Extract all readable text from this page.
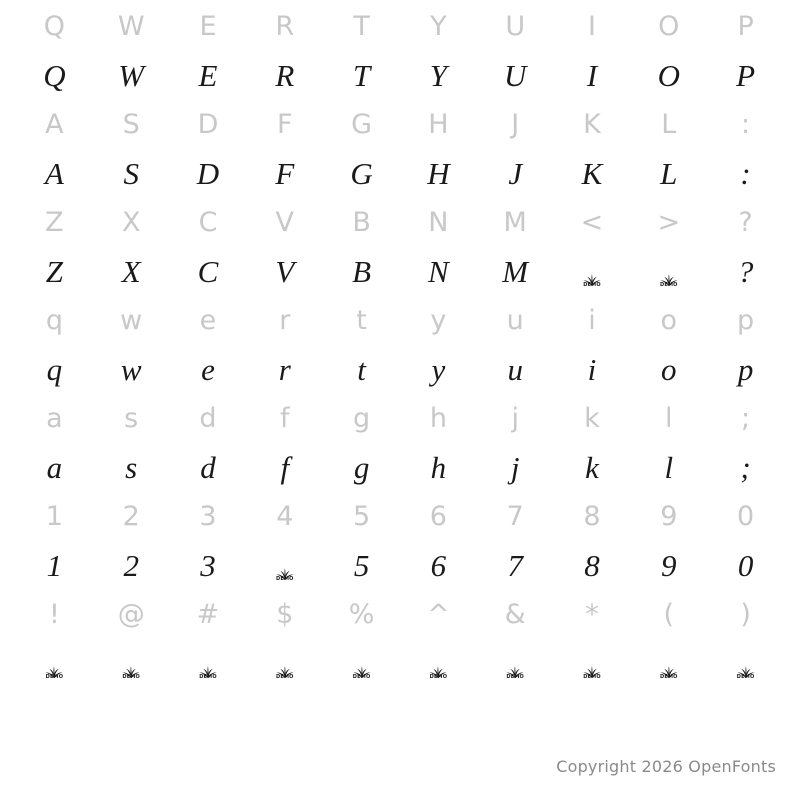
Q	W	E	R	T	Y	U	I	O	P
Q	W	E	R	T	Y	U	I	O	P
A	S	D	F	G	H	J	K	L	:
A	S	D	F	G	H	J	K	L	:
Z	X	C	V	B	N	M	<	>	?
Z	X	C	V	B	N	M	DEMO	DEMO	?
q	w	e	r	t	y	u	i	o	p
q	w	e	r	t	y	u	i	o	p
a	s	d	f	g	h	j	k	l	;
a	s	d	f	g	h	j	k	l	;
1	2	3	4	5	6	7	8	9	0
1	2	3	DEMO	5	6	7	8	9	0
!	@	#	$	%	^	&	*	(	)
DEMO	DEMO	DEMO	DEMO	DEMO	DEMO	DEMO	DEMO	DEMO	DEMO
Copyright 2026 OpenFonts
